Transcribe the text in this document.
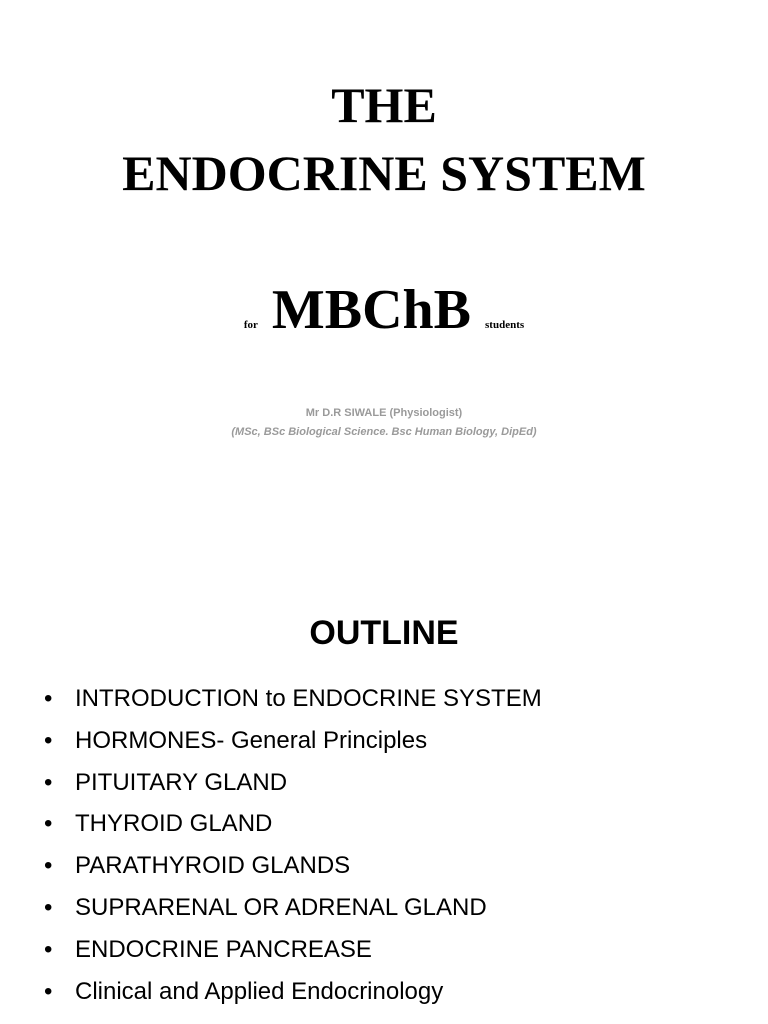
THE
ENDOCRINE SYSTEM
for MBChB students
Mr D.R SIWALE (Physiologist)
(MSc, BSc Biological Science. Bsc Human Biology, DipEd)
OUTLINE
• INTRODUCTION to ENDOCRINE SYSTEM
• HORMONES- General Principles
• PITUITARY GLAND
• THYROID GLAND
• PARATHYROID GLANDS
• SUPRARENAL OR ADRENAL GLAND
• ENDOCRINE PANCREASE
• Clinical and Applied Endocrinology
